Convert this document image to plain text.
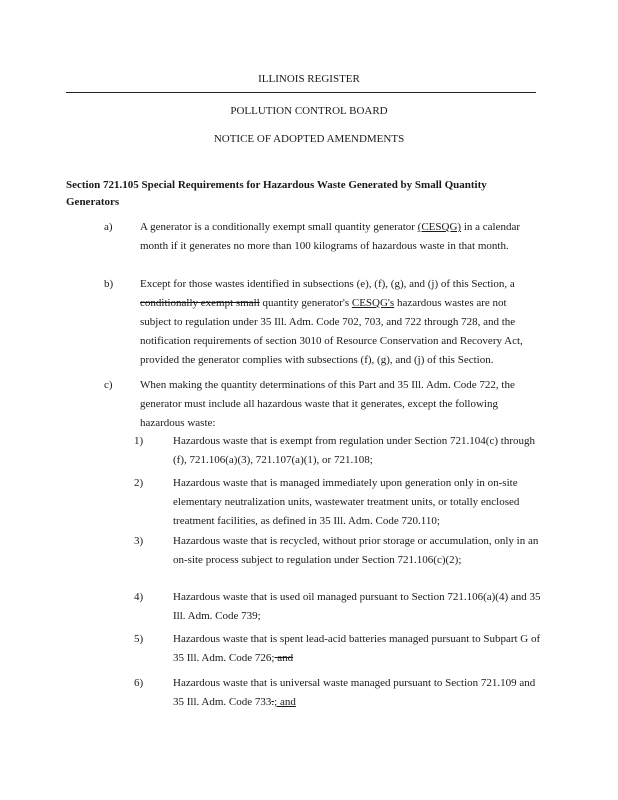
ILLINOIS REGISTER
POLLUTION CONTROL BOARD
NOTICE OF ADOPTED AMENDMENTS
Section 721.105 Special Requirements for Hazardous Waste Generated by Small Quantity Generators
a)	A generator is a conditionally exempt small quantity generator (CESQG) in a calendar month if it generates no more than 100 kilograms of hazardous waste in that month.
b)	Except for those wastes identified in subsections (e), (f), (g), and (j) of this Section, a conditionally exempt small quantity generator's CESQG's hazardous wastes are not subject to regulation under 35 Ill. Adm. Code 702, 703, and 722 through 728, and the notification requirements of section 3010 of Resource Conservation and Recovery Act, provided the generator complies with subsections (f), (g), and (j) of this Section.
c)	When making the quantity determinations of this Part and 35 Ill. Adm. Code 722, the generator must include all hazardous waste that it generates, except the following hazardous waste:
1)	Hazardous waste that is exempt from regulation under Section 721.104(c) through (f), 721.106(a)(3), 721.107(a)(1), or 721.108;
2)	Hazardous waste that is managed immediately upon generation only in on-site elementary neutralization units, wastewater treatment units, or totally enclosed treatment facilities, as defined in 35 Ill. Adm. Code 720.110;
3)	Hazardous waste that is recycled, without prior storage or accumulation, only in an on-site process subject to regulation under Section 721.106(c)(2);
4)	Hazardous waste that is used oil managed pursuant to Section 721.106(a)(4) and 35 Ill. Adm. Code 739;
5)	Hazardous waste that is spent lead-acid batteries managed pursuant to Subpart G of 35 Ill. Adm. Code 726; and
6)	Hazardous waste that is universal waste managed pursuant to Section 721.109 and 35 Ill. Adm. Code 733.; and
